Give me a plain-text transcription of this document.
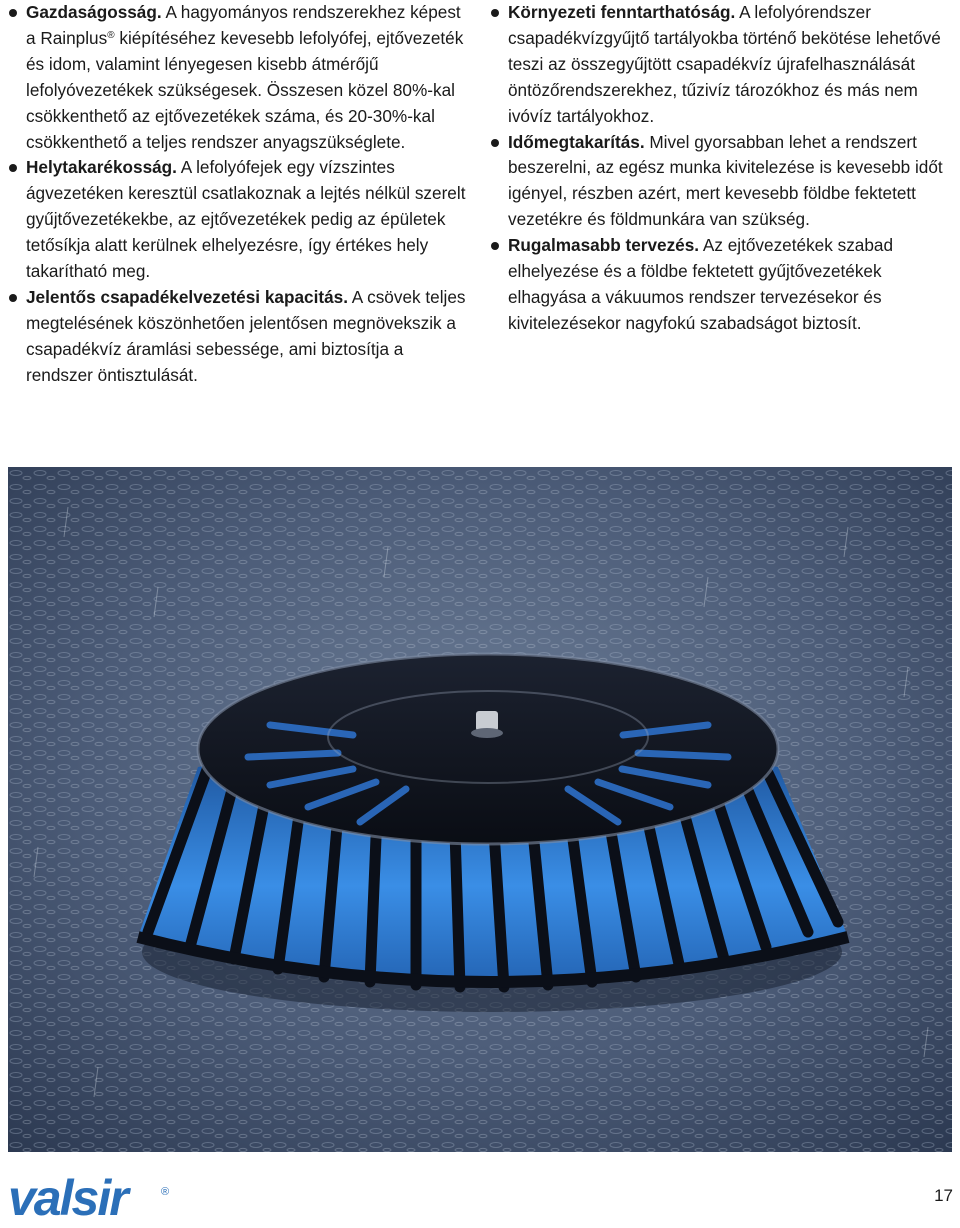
Gazdaságosság. A hagyományos rendszerekhez képest a Rainplus® kiépítéséhez kevesebb lefolyófej, ejtővezeték és idom, valamint lényegesen kisebb átmérőjű lefolyóvezetékek szükségesek. Összesen közel 80%-kal csökkenthető az ejtővezetékek száma, és 20-30%-kal csökkenthető a teljes rendszer anyagszükséglete.

Helytakarékosság. A lefolyófejek egy vízszintes ágvezetéken keresztül csatlakoznak a lejtés nélkül szerelt gyűjtővezetékekbe, az ejtővezetékek pedig az épületek tetősíkja alatt kerülnek elhelyezésre, így értékes hely takarítható meg.

Jelentős csapadékelvezetési kapacitás. A csövek teljes megtelésének köszönhetően jelentősen megnövekszik a csapadékvíz áramlási sebessége, ami biztosítja a rendszer öntisztulását.

Környezeti fenntarthatóság. A lefolyórendszer csapadékvízgyűjtő tartályokba történő bekötése lehetővé teszi az összegyűjtött csapadékvíz újrafelhasználását öntözőrendszerekhez, tűzivíz tározókhoz és más nem ivóvíz tartályokhoz.

Időmegtakarítás. Mivel gyorsabban lehet a rendszert beszerelni, az egész munka kivitelezése is kevesebb időt igényel, részben azért, mert kevesebb földbe fektetett vezetékre és földmunkára van szükség.

Rugalmasabb tervezés. Az ejtővezetékek szabad elhelyezése és a földbe fektetett gyűjtővezetékek elhagyása a vákuumos rendszer tervezésekor és kivitelezésekor nagyfokú szabadságot biztosít.

valsir	®	17
